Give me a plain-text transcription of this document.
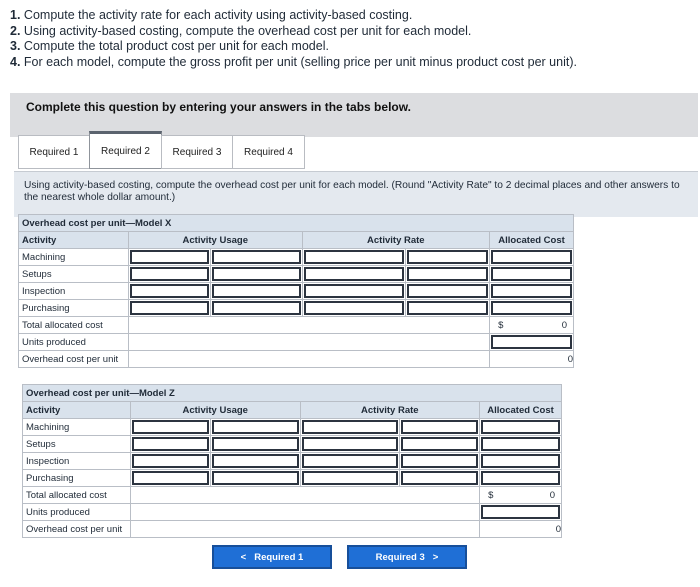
1. Compute the activity rate for each activity using activity-based costing.
2. Using activity-based costing, compute the overhead cost per unit for each model.
3. Compute the total product cost per unit for each model.
4. For each model, compute the gross profit per unit (selling price per unit minus product cost per unit).
Complete this question by entering your answers in the tabs below.
Required 1	Required 2	Required 3	Required 4

Using activity-based costing, compute the overhead cost per unit for each model. (Round "Activity Rate" to 2 decimal places and other answers to the nearest whole dollar amount.)

Overhead cost per unit—Model X					
Activity	Activity Usage		Activity Rate		Allocated Cost
Machining	

Setups	

Inspection	

Purchasing	

Total allocated cost					$ 0

Units produced					

Overhead cost per unit					0
Overhead cost per unit—Model Z					
Activity	Activity Usage		Activity Rate		Allocated Cost
Machining	

Setups	

Inspection	

Purchasing	

Total allocated cost					$ 0

Units produced					

Overhead cost per unit					0
< Required 1	Required 3 >
